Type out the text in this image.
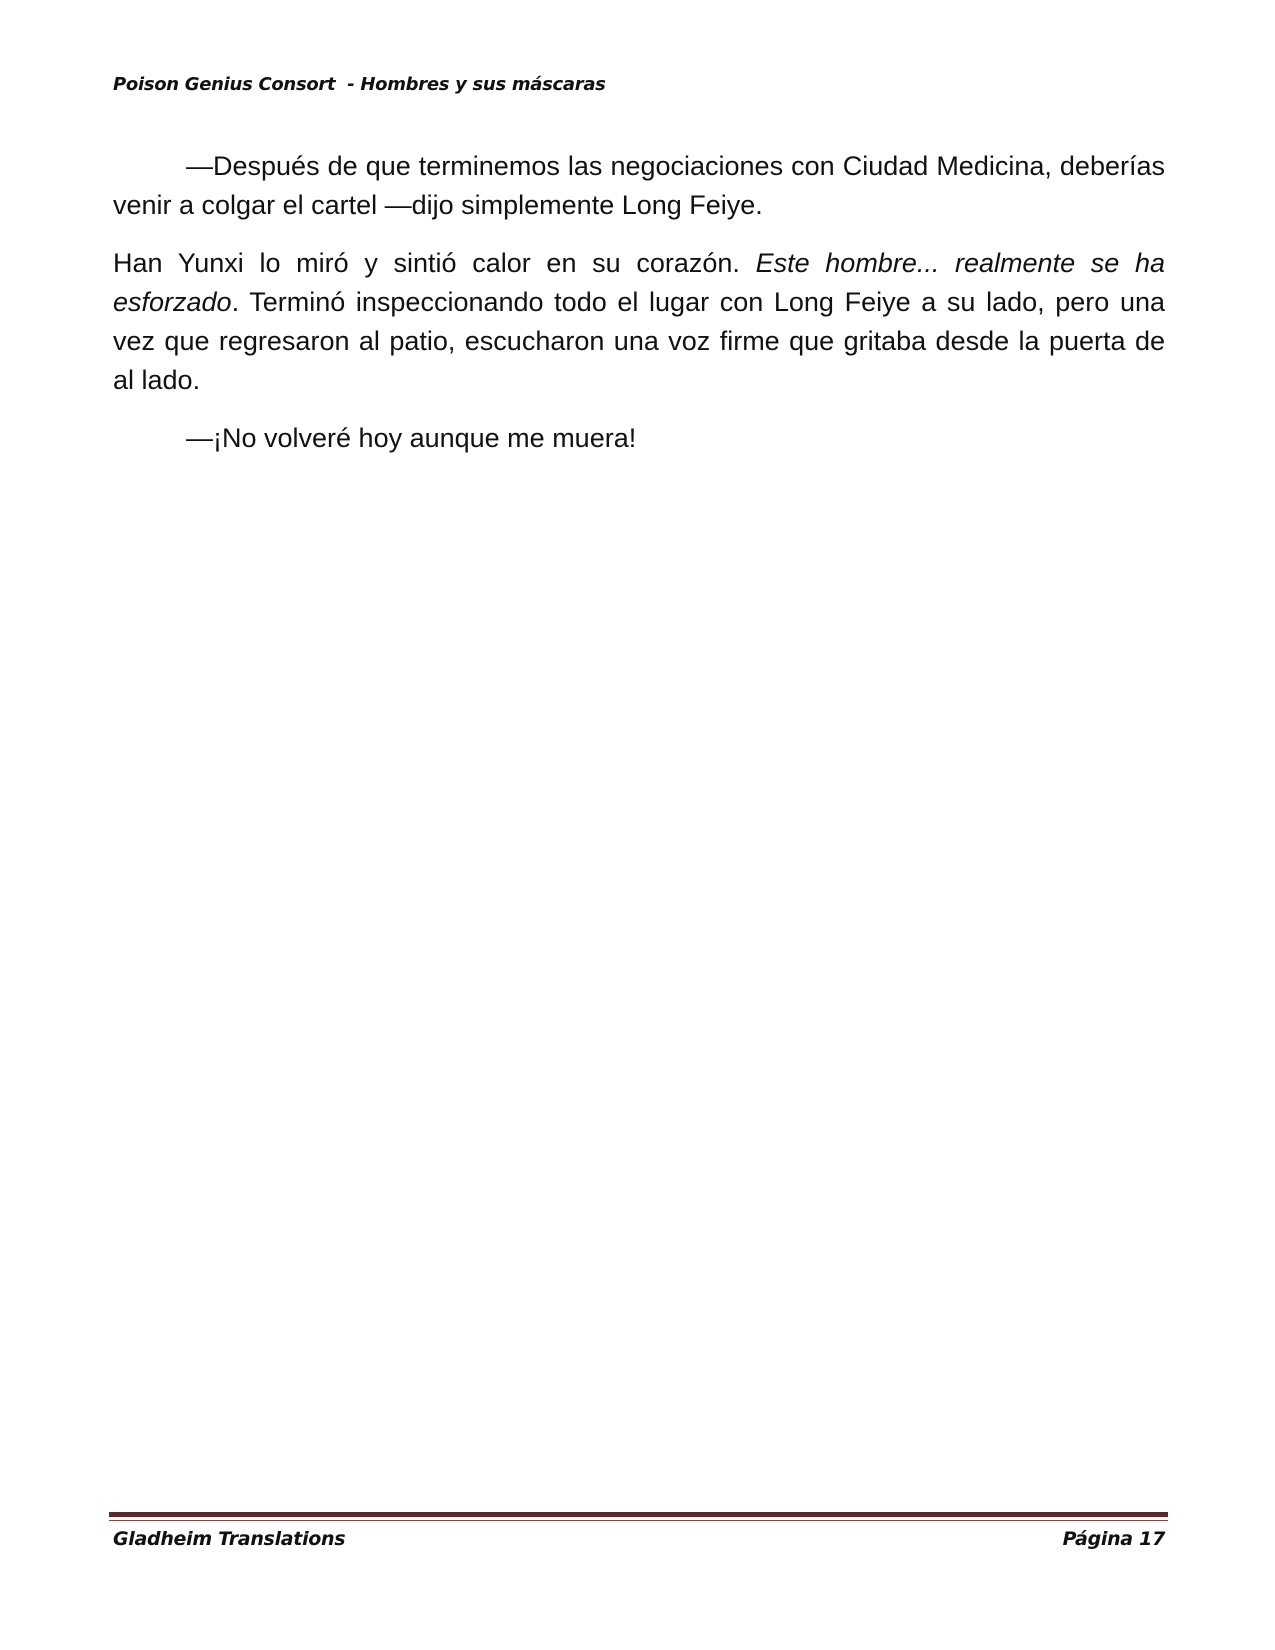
Poison Genius Consort  - Hombres y sus máscaras

—Después de que terminemos las negociaciones con Ciudad Medicina, deberías venir a colgar el cartel —dijo simplemente Long Feiye.

Han Yunxi lo miró y sintió calor en su corazón. Este hombre... realmente se ha esforzado. Terminó inspeccionando todo el lugar con Long Feiye a su lado, pero una vez que regresaron al patio, escucharon una voz firme que gritaba desde la puerta de al lado.

—¡No volveré hoy aunque me muera!

Gladheim Translations	Página 17
